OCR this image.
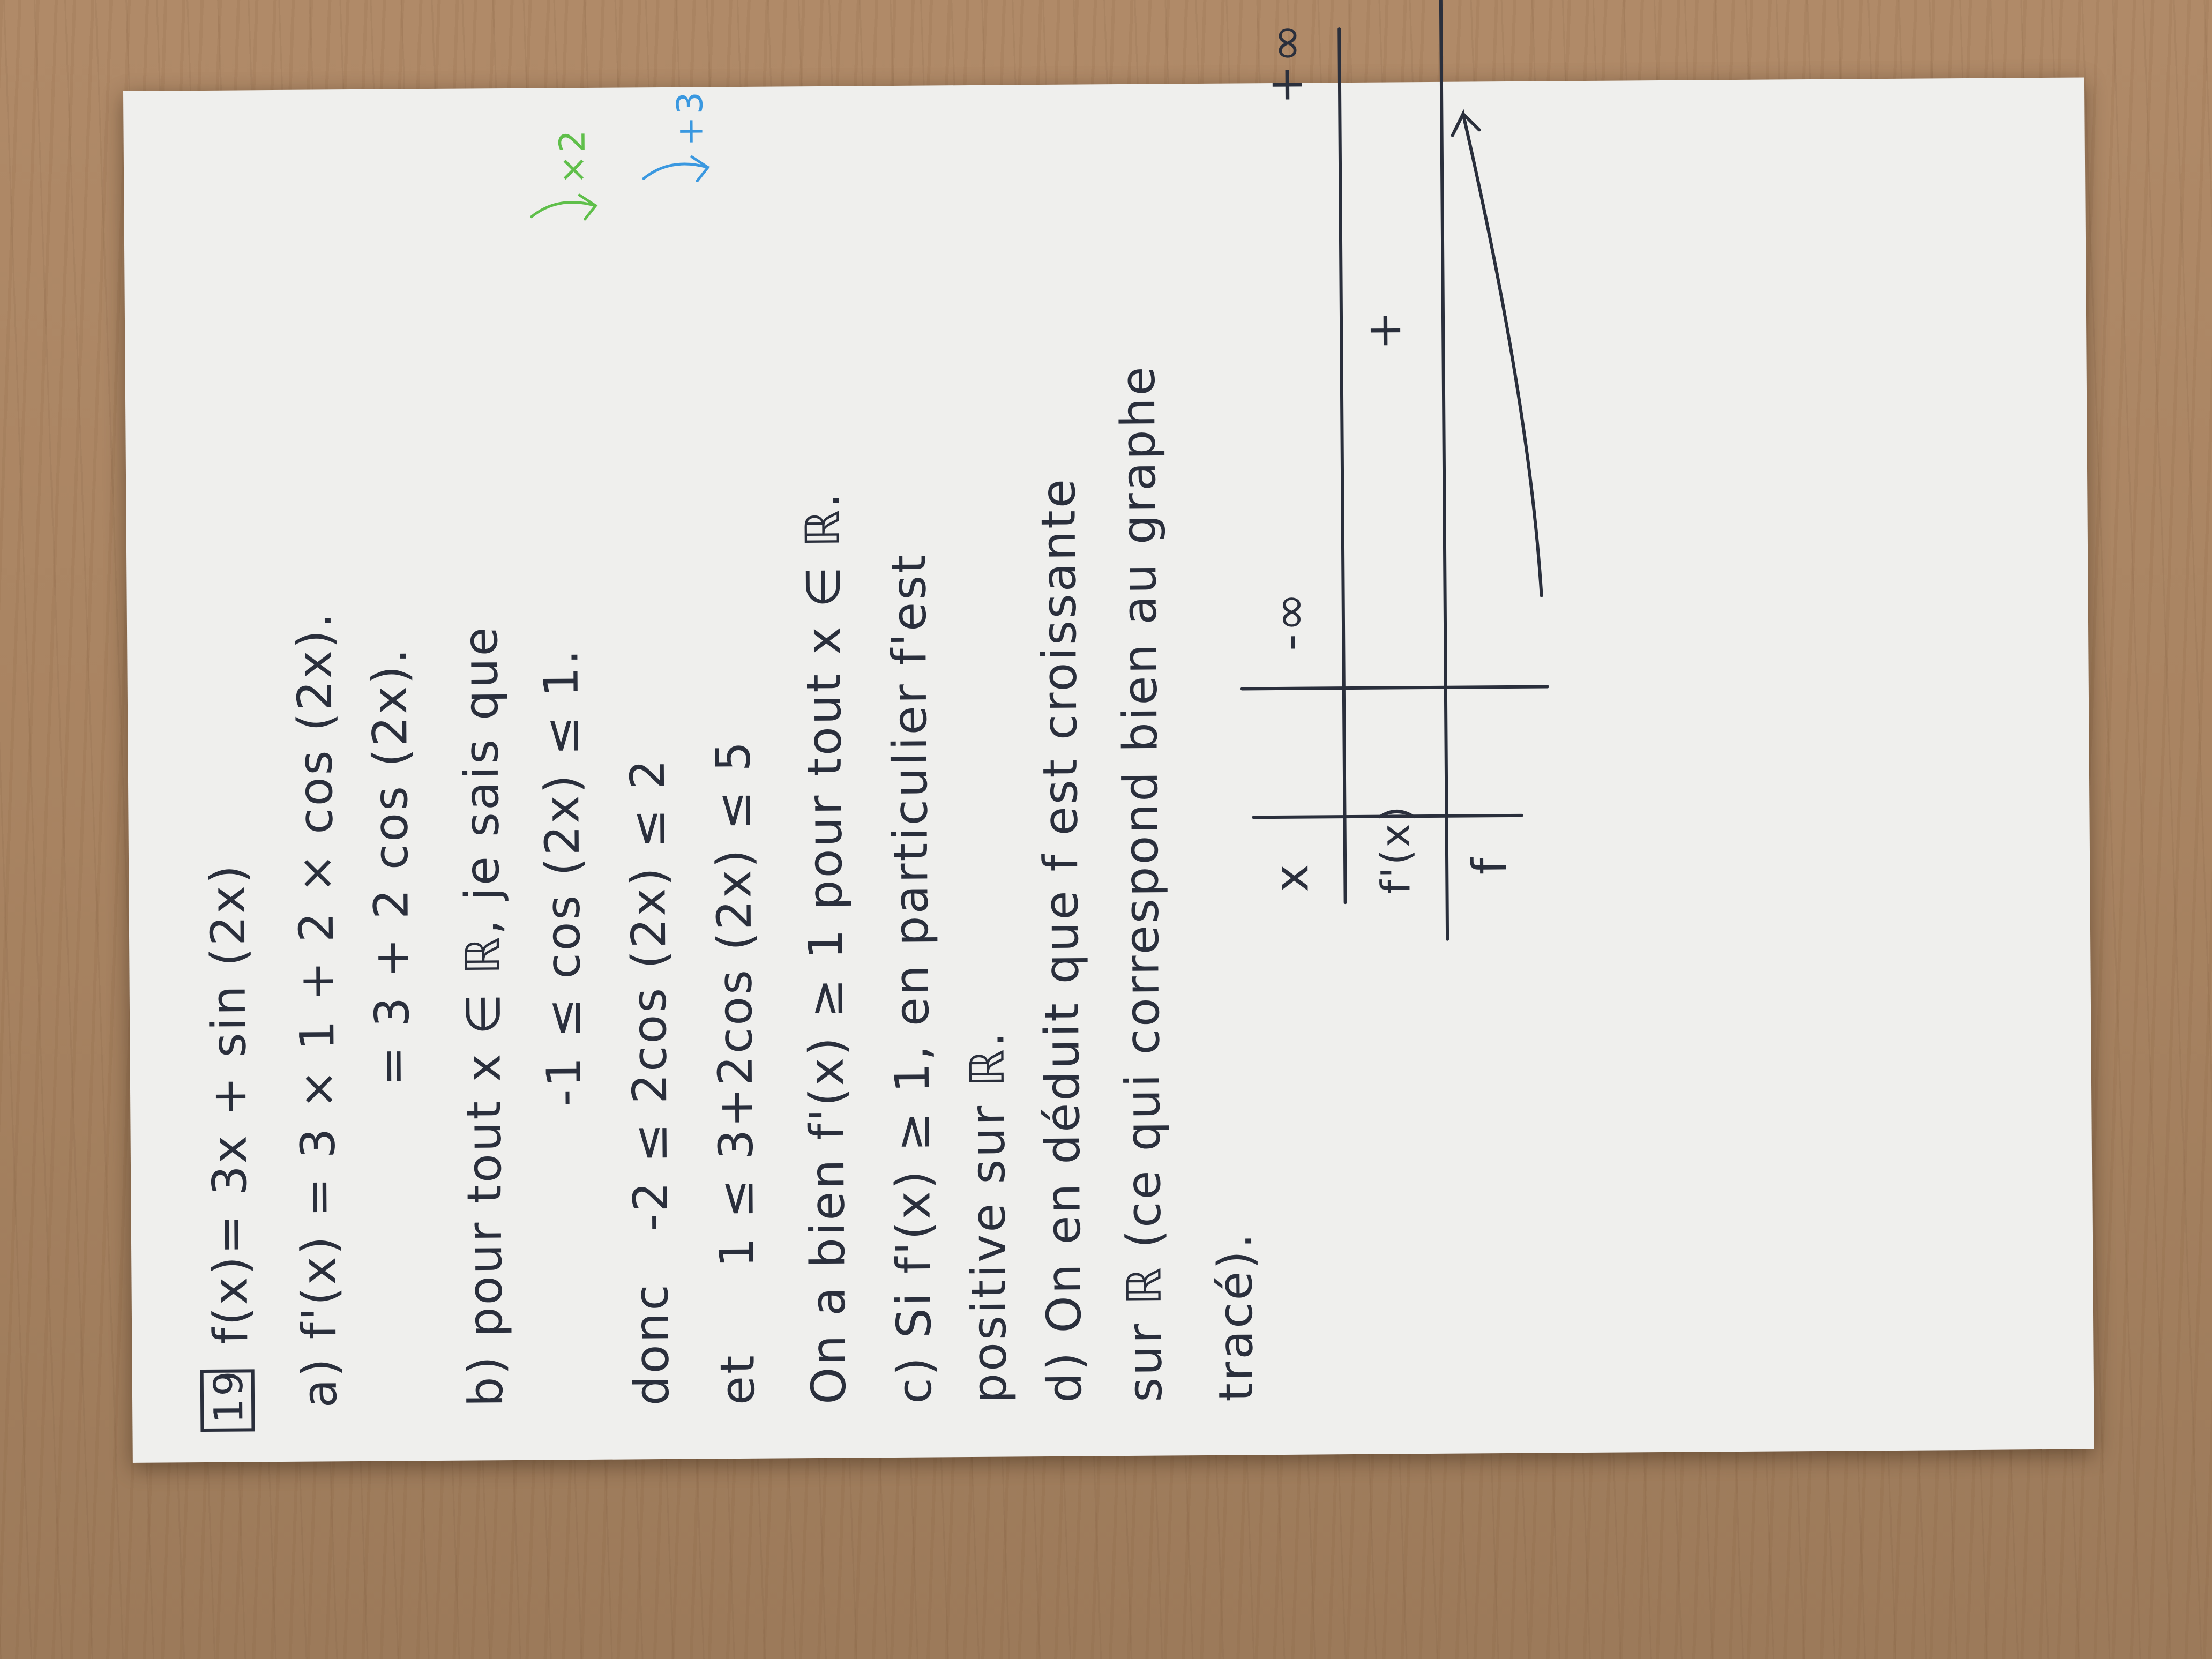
19
f(x)= 3x + sin (2x) a) f'(x) = 3 × 1 + 2 × cos (2x). = 3 + 2 cos (2x). b) pour tout x ∈ ℝ, je sais que -1 ≤ cos (2x) ≤ 1. donc   -2 ≤ 2cos (2x) ≤ 2 et     1 ≤ 3+2cos (2x) ≤ 5 On a bien f'(x) ≥ 1 pour tout x ∈ ℝ. c) Si f'(x) ≥ 1, en particulier f'est positive sur ℝ. d) On en déduit que f est croissante sur ℝ (ce qui correspond bien au graphe tracé).
×2
+3
x
-∞
+∞
f'(x)
+
f
